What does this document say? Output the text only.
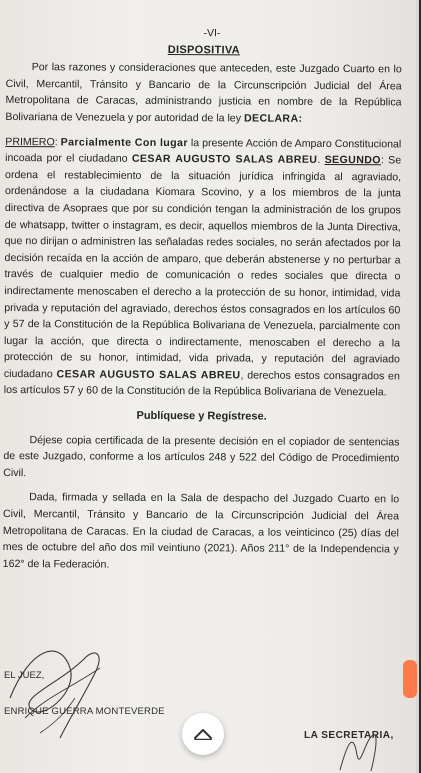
-VI-
DISPOSITIVA

Por las razones y consideraciones que anteceden, este Juzgado Cuarto en lo Civil, Mercantil, Tránsito y Bancario de la Circunscripción Judicial del Área Metropolitana de Caracas, administrando justicia en nombre de la República Bolivariana de Venezuela y por autoridad de la ley DECLARA:

PRIMERO: Parcialmente Con lugar la presente Acción de Amparo Constitucional incoada por el ciudadano CESAR AUGUSTO SALAS ABREU. SEGUNDO: Se ordena el restablecimiento de la situación jurídica infringida al agraviado, ordenándose a la ciudadana Kiomara Scovino, y a los miembros de la junta directiva de Asopraes que por su condición tengan la administración de los grupos de whatsapp, twitter o instagram, es decir, aquellos miembros de la Junta Directiva, que no dirijan o administren las señaladas redes sociales, no serán afectados por la decisión recaída en la acción de amparo, que deberán abstenerse y no perturbar a través de cualquier medio de comunicación o redes sociales que directa o indirectamente menoscaben el derecho a la protección de su honor, intimidad, vida privada y reputación del agraviado, derechos éstos consagrados en los artículos 60 y 57 de la Constitución de la República Bolivariana de Venezuela, parcialmente con lugar la acción, que directa o indirectamente, menoscaben el derecho a la protección de su honor, intimidad, vida privada, y reputación del agraviado ciudadano CESAR AUGUSTO SALAS ABREU, derechos estos consagrados en los artículos 57 y 60 de la Constitución de la República Bolivariana de Venezuela.

Publíquese y Regístrese.

Déjese copia certificada de la presente decisión en el copiador de sentencias de este Juzgado, conforme a los artículos 248 y 522 del Código de Procedimiento Civil.

Dada, firmada y sellada en la Sala de despacho del Juzgado Cuarto en lo Civil, Mercantil, Tránsito y Bancario de la Circunscripción Judicial del Área Metropolitana de Caracas. En la ciudad de Caracas, a los veinticinco (25) días del mes de octubre del año dos mil veintiuno (2021). Años 211° de la Independencia y 162° de la Federación.

EL JUEZ,
ENRIQUE GUERRA MONTEVERDE
LA SECRETARIA,
